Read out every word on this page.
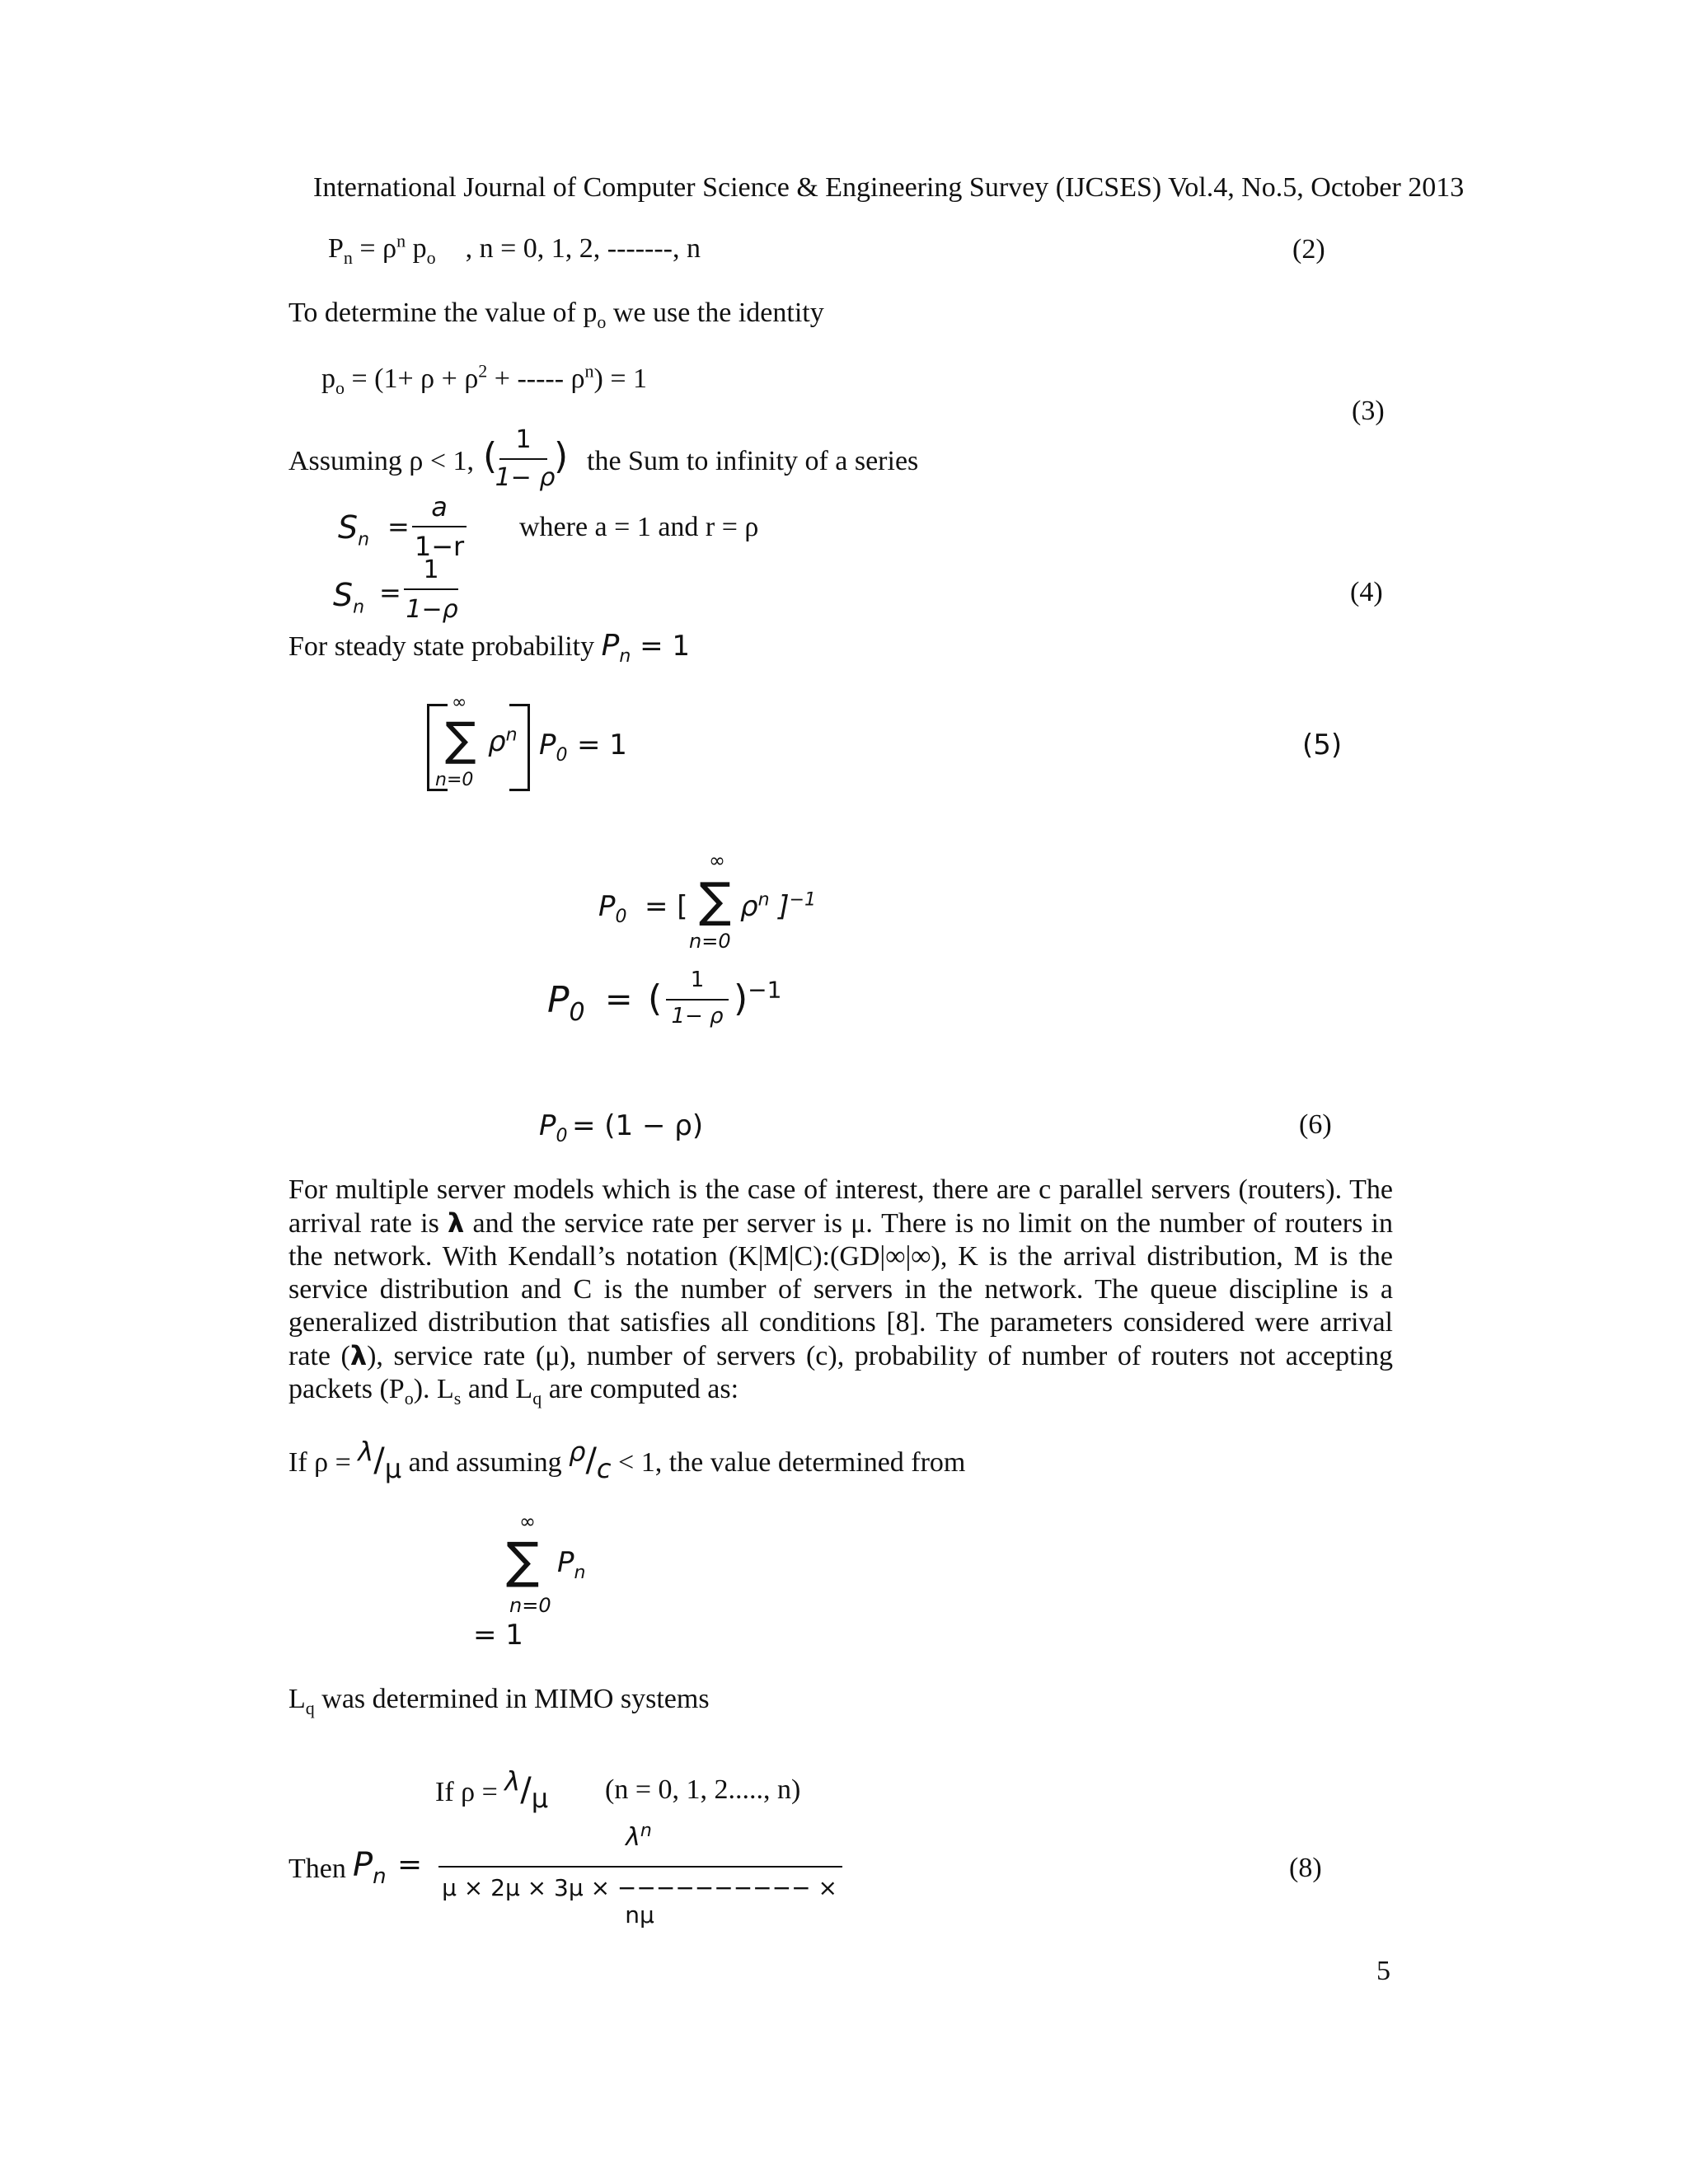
International Journal of Computer Science & Engineering Survey (IJCSES) Vol.4, No.5, October 2013
$P_n = \rho^n$ $p_o$ , n = 0, 1, 2, -------, n	(2)
To determine the value of $p_o$ we use the identity
$p_o = (1+ \rho + \rho^2$ + ----- $\rho^n) = 1$
(3)
Assuming ρ < 1, ( 1
1− ρ
) the Sum to infinity of a series
$S_n$ =
a
1−r
where a = 1 and r = ρ
$S_n$ =
1
1−ρ
(4)
For steady state probability $P_n = 1$
∞
∑ $\rho^n$
n=0
$P_0 = 1$	(5)
∞
$P_0$ = [ ∑ $\rho^n$ ]$^{-1}$
n=0
$P_0$ = (	1
1− ρ )$^{-1}$
$P_0 = (1 - \rho)$	(6)
For multiple server models which is the case of interest, there are c parallel servers (routers). The arrival rate is λ and the service rate per server is μ. There is no limit on the number of routers in the network. With Kendall’s notation (K|M|C):(GD|∞|∞), K is the arrival distribution, M is the service distribution and C is the number of servers in the network. The queue discipline is a generalized distribution that satisfies all conditions [8]. The parameters considered were arrival rate (λ), service rate (μ), number of servers (c), probability of number of routers not accepting packets $(P_o)$. $L_s$ and $L_q$ are computed as:
If $\rho = ^\lambda/_\mu$ and assuming $^\rho/_c < 1$, the value determined from
∞
∑ $P_n$
n=0
= 1
$L_q$ was determined in MIMO systems
If $\rho = ^\lambda/_\mu$ (n = 0, 1, 2....., n)
Then $P_n$ =
$\lambda^n$
μ × 2μ × 3μ × −−−−−−−−−− × nμ
(8)
5
